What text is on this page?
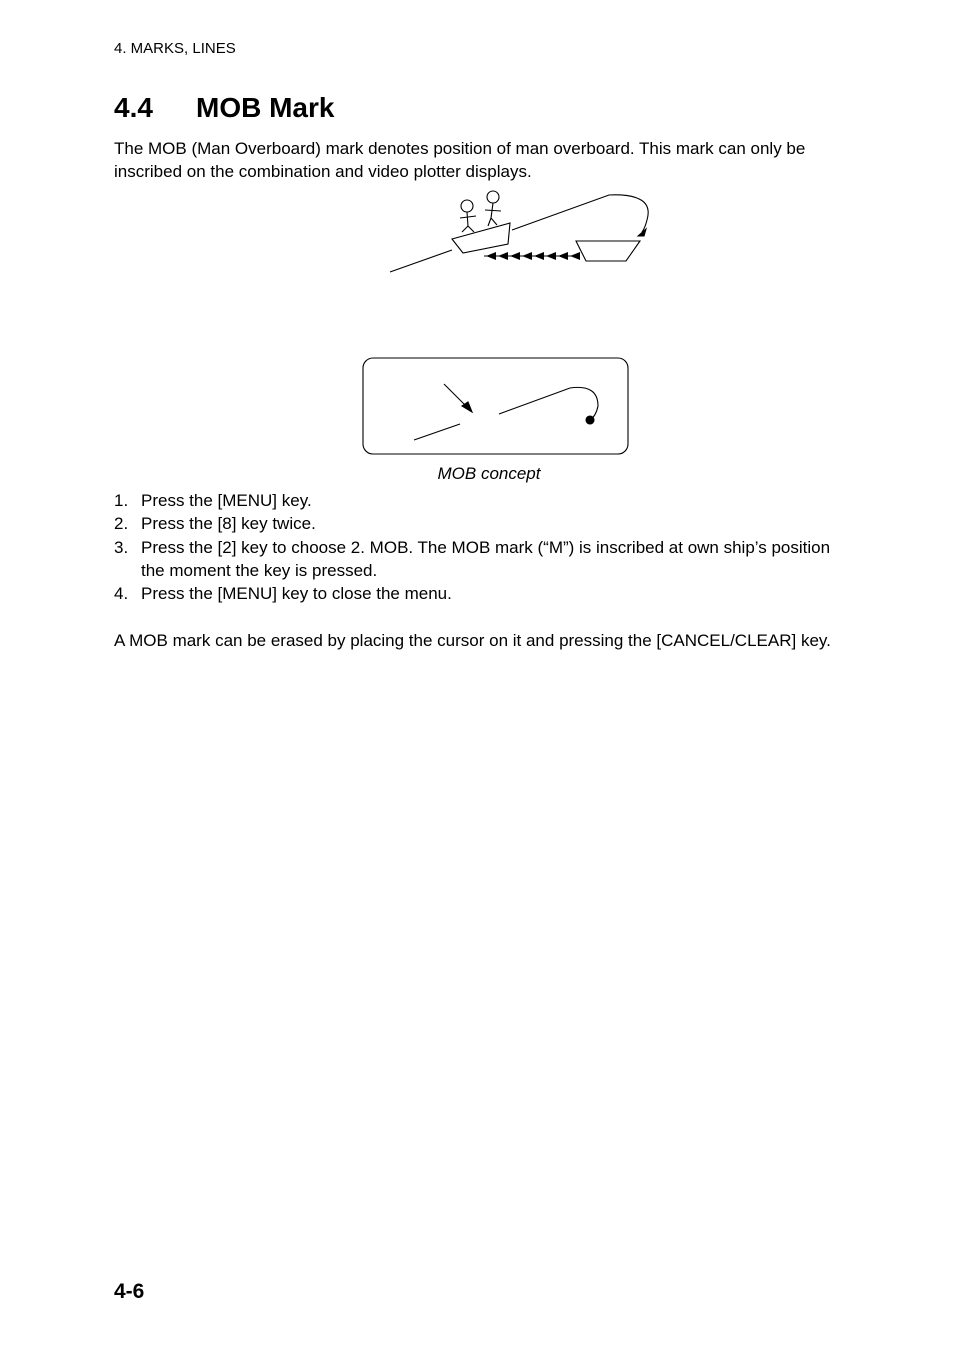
4. MARKS, LINES
4.4 MOB Mark

The MOB (Man Overboard) mark denotes position of man overboard. This mark can only be inscribed on the combination and video plotter displays.

MOB concept
1. Press the [MENU] key.
2. Press the [8] key twice.
3. Press the [2] key to choose 2. MOB. The MOB mark (“M”) is inscribed at own ship’s position the moment the key is pressed.
4. Press the [MENU] key to close the menu.

A MOB mark can be erased by placing the cursor on it and pressing the [CANCEL/CLEAR] key.

4-6
